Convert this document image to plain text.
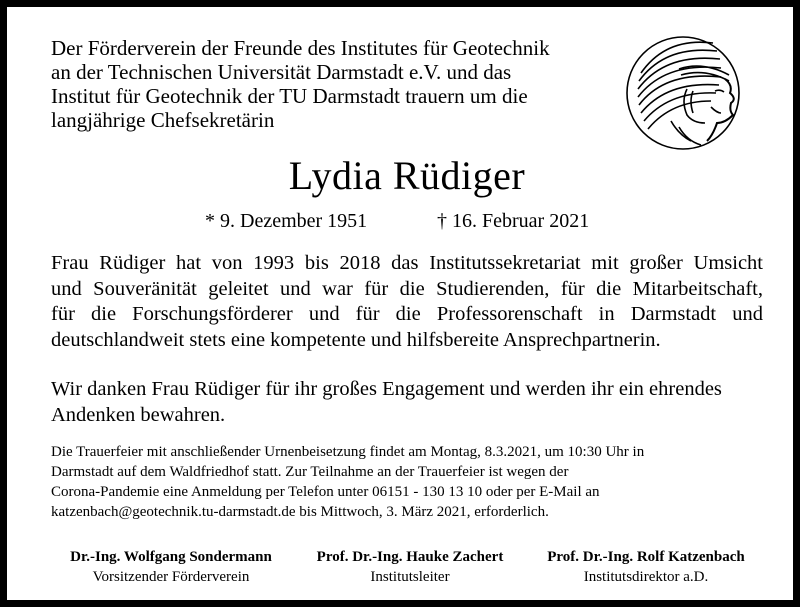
Der Förderverein der Freunde des Institutes für Geotechnik
an der Technischen Universität Darmstadt e.V. und das
Institut für Geotechnik der TU Darmstadt trauern um die
langjährige Chefsekretärin
Lydia Rüdiger
* 9. Dezember 1951	† 16. Februar 2021
Frau Rüdiger hat von 1993 bis 2018 das Institutssekretariat mit großer Umsicht
und Souveränität geleitet und war für die Studierenden, für die Mitarbeitschaft,
für die Forschungsförderer und für die Professorenschaft in Darmstadt und
deutschlandweit stets eine kompetente und hilfsbereite Ansprechpartnerin.
Wir danken Frau Rüdiger für ihr großes Engagement und werden ihr ein ehrendes
Andenken bewahren.
Die Trauerfeier mit anschließender Urnenbeisetzung findet am Montag, 8.3.2021, um 10:30 Uhr in
Darmstadt auf dem Waldfriedhof statt. Zur Teilnahme an der Trauerfeier ist wegen der
Corona-Pandemie eine Anmeldung per Telefon unter 06151 - 130 13 10 oder per E-Mail an
katzenbach@geotechnik.tu-darmstadt.de bis Mittwoch, 3. März 2021, erforderlich.
Dr.-Ing. Wolfgang Sondermann
Vorsitzender Förderverein
Prof. Dr.-Ing. Hauke Zachert
Institutsleiter
Prof. Dr.-Ing. Rolf Katzenbach
Institutsdirektor a.D.
